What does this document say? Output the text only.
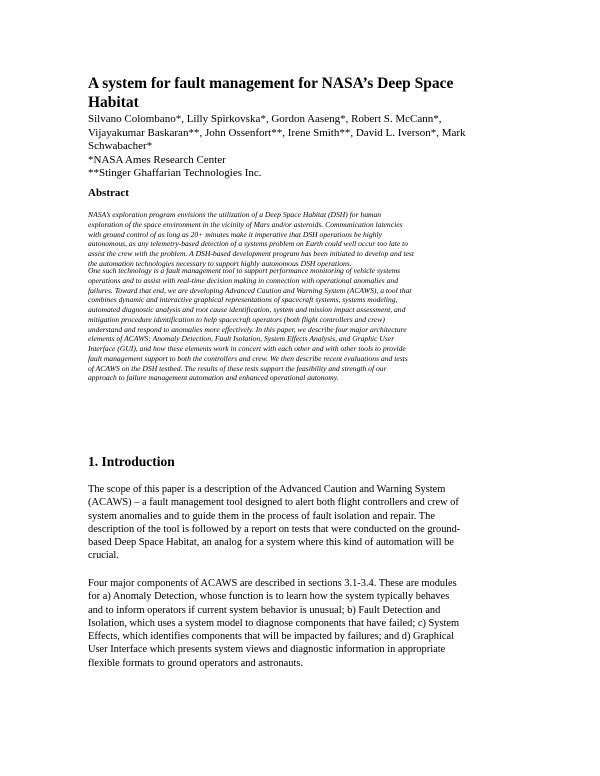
A system for fault management for NASA’s Deep Space
Habitat
Silvano Colombano*, Lilly Spirkovska*, Gordon Aaseng*, Robert S. McCann*,
Vijayakumar Baskaran**, John Ossenfort**, Irene Smith**, David L. Iverson*, Mark
Schwabacher*
*NASA Ames Research Center
**Stinger Ghaffarian Technologies Inc.
Abstract
NASA’s exploration program envisions the utilization of a Deep Space Habitat (DSH) for human
exploration of the space environment in the vicinity of Mars and/or asteroids. Communication latencies
with ground control of as long as 20+ minutes make it imperative that DSH operations be highly
autonomous, as any telemetry-based detection of a systems problem on Earth could well occur too late to
assist the crew with the problem. A DSH-based development program has been initiated to develop and test
the automation technologies necessary to support highly autonomous DSH operations.
One such technology is a fault management tool to support performance monitoring of vehicle systems
operations and to assist with real-time decision making in connection with operational anomalies and
failures. Toward that end, we are developing Advanced Caution and Warning System (ACAWS), a tool that
combines dynamic and interactive graphical representations of spacecraft systems, systems modeling,
automated diagnostic analysis and root cause identification, system and mission impact assessment, and
mitigation procedure identification to help spacecraft operators (both flight controllers and crew)
understand and respond to anomalies more effectively. In this paper, we describe four major architecture
elements of ACAWS: Anomaly Detection, Fault Isolation, System Effects Analysis, and Graphic User
Interface (GUI), and how these elements work in concert with each other and with other tools to provide
fault management support to both the controllers and crew. We then describe recent evaluations and tests
of ACAWS on the DSH testbed. The results of these tests support the feasibility and strength of our
approach to failure management automation and enhanced operational autonomy.
1. Introduction
The scope of this paper is a description of the Advanced Caution and Warning System
(ACAWS) – a fault management tool designed to alert both flight controllers and crew of
system anomalies and to guide them in the process of fault isolation and repair. The
description of the tool is followed by a report on tests that were conducted on the ground-
based Deep Space Habitat, an analog for a system where this kind of automation will be
crucial.
Four major components of ACAWS are described in sections 3.1-3.4. These are modules
for a) Anomaly Detection, whose function is to learn how the system typically behaves
and to inform operators if current system behavior is unusual; b) Fault Detection and
Isolation, which uses a system model to diagnose components that have failed; c) System
Effects, which identifies components that will be impacted by failures; and d) Graphical
User Interface which presents system views and diagnostic information in appropriate
flexible formats to ground operators and astronauts.
